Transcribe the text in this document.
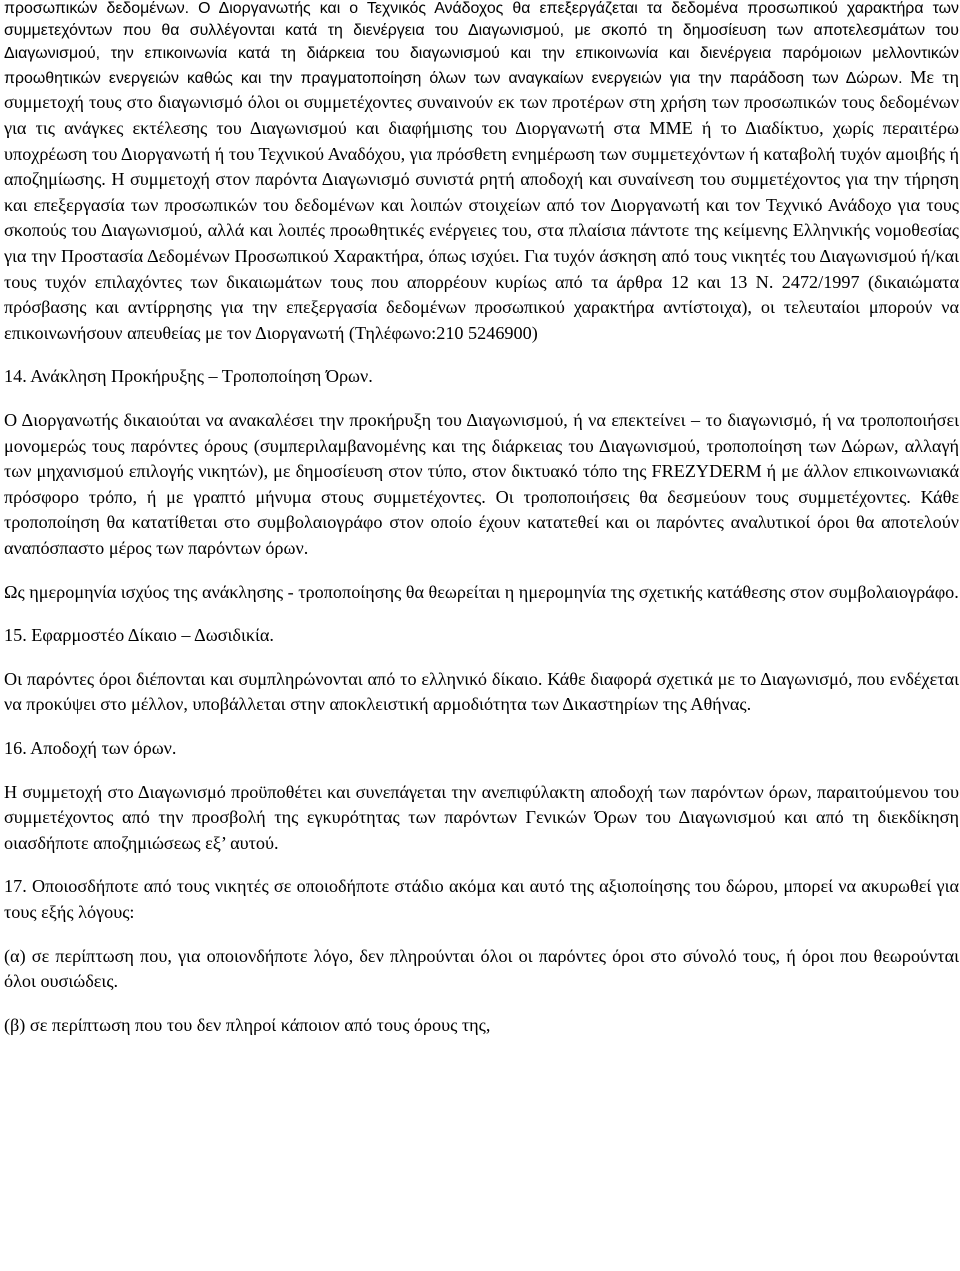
προσωπικών δεδομένων. Ο Διοργανωτής και ο Τεχνικός Ανάδοχος θα επεξεργάζεται τα δεδομένα προσωπικού χαρακτήρα των συμμετεχόντων που θα συλλέγονται κατά τη διενέργεια του Διαγωνισμού, με σκοπό τη δημοσίευση των αποτελεσμάτων του Διαγωνισμού, την επικοινωνία κατά τη διάρκεια του διαγωνισμού και την επικοινωνία και διενέργεια παρόμοιων μελλοντικών προωθητικών ενεργειών καθώς και την πραγματοποίηση όλων των αναγκαίων ενεργειών για την παράδοση των Δώρων. Με τη συμμετοχή τους στο διαγωνισμό όλοι οι συμμετέχοντες συναινούν εκ των προτέρων στη χρήση των προσωπικών τους δεδομένων για τις ανάγκες εκτέλεσης του Διαγωνισμού και διαφήμισης του Διοργανωτή στα ΜΜΕ ή το Διαδίκτυο, χωρίς περαιτέρω υποχρέωση του Διοργανωτή ή του Τεχνικού Αναδόχου, για πρόσθετη ενημέρωση των συμμετεχόντων ή καταβολή τυχόν αμοιβής ή αποζημίωσης. Η συμμετοχή στον παρόντα Διαγωνισμό συνιστά ρητή αποδοχή και συναίνεση του συμμετέχοντος για την τήρηση και επεξεργασία των προσωπικών του δεδομένων και λοιπών στοιχείων από τον Διοργανωτή και τον Τεχνικό Ανάδοχο για τους σκοπούς του Διαγωνισμού, αλλά και λοιπές προωθητικές ενέργειες του, στα πλαίσια πάντοτε της κείμενης Ελληνικής νομοθεσίας για την Προστασία Δεδομένων Προσωπικού Χαρακτήρα, όπως ισχύει. Για τυχόν άσκηση από τους νικητές του Διαγωνισμού ή/και τους τυχόν επιλαχόντες των δικαιωμάτων τους που απορρέουν κυρίως από τα άρθρα 12 και 13 Ν. 2472/1997 (δικαιώματα πρόσβασης και αντίρρησης για την επεξεργασία δεδομένων προσωπικού χαρακτήρα αντίστοιχα), οι τελευταίοι μπορούν να επικοινωνήσουν απευθείας με τον Διοργανωτή (Τηλέφωνο:210 5246900)

14. Ανάκληση Προκήρυξης – Τροποποίηση Όρων.

Ο Διοργανωτής δικαιούται να ανακαλέσει την προκήρυξη του Διαγωνισμού, ή να επεκτείνει – το διαγωνισμό, ή να τροποποιήσει μονομερώς τους παρόντες όρους (συμπεριλαμβανομένης και της διάρκειας του Διαγωνισμού, τροποποίηση των Δώρων, αλλαγή των μηχανισμού επιλογής νικητών), με δημοσίευση στον τύπο, στον δικτυακό τόπο της FREZYDERM ή με άλλον επικοινωνιακά πρόσφορο τρόπο, ή με γραπτό μήνυμα στους συμμετέχοντες. Οι τροποποιήσεις θα δεσμεύουν τους συμμετέχοντες. Κάθε τροποποίηση θα κατατίθεται στο συμβολαιογράφο στον οποίο έχουν κατατεθεί και οι παρόντες αναλυτικοί όροι θα αποτελούν αναπόσπαστο μέρος των παρόντων όρων.

Ως ημερομηνία ισχύος της ανάκλησης - τροποποίησης θα θεωρείται η ημερομηνία της σχετικής κατάθεσης στον συμβολαιογράφο.

15. Εφαρμοστέο Δίκαιο – Δωσιδικία.

Οι παρόντες όροι διέπονται και συμπληρώνονται από το ελληνικό δίκαιο. Κάθε διαφορά σχετικά με το Διαγωνισμό, που ενδέχεται να προκύψει στο μέλλον, υποβάλλεται στην αποκλειστική αρμοδιότητα των Δικαστηρίων της Αθήνας.

16. Αποδοχή των όρων.

Η συμμετοχή στο Διαγωνισμό προϋποθέτει και συνεπάγεται την ανεπιφύλακτη αποδοχή των παρόντων όρων, παραιτούμενου του συμμετέχοντος από την προσβολή της εγκυρότητας των παρόντων Γενικών Όρων του Διαγωνισμού και από τη διεκδίκηση οιασδήποτε αποζημιώσεως εξ’ αυτού.

17. Οποιοσδήποτε από τους νικητές σε οποιοδήποτε στάδιο ακόμα και αυτό της αξιοποίησης του δώρου, μπορεί να ακυρωθεί για τους εξής λόγους:

(α) σε περίπτωση που, για οποιονδήποτε λόγο, δεν πληρούνται όλοι οι παρόντες όροι στο σύνολό τους, ή όροι που θεωρούνται όλοι ουσιώδεις.

(β) σε περίπτωση που του δεν πληροί κάποιον από τους όρους της,
